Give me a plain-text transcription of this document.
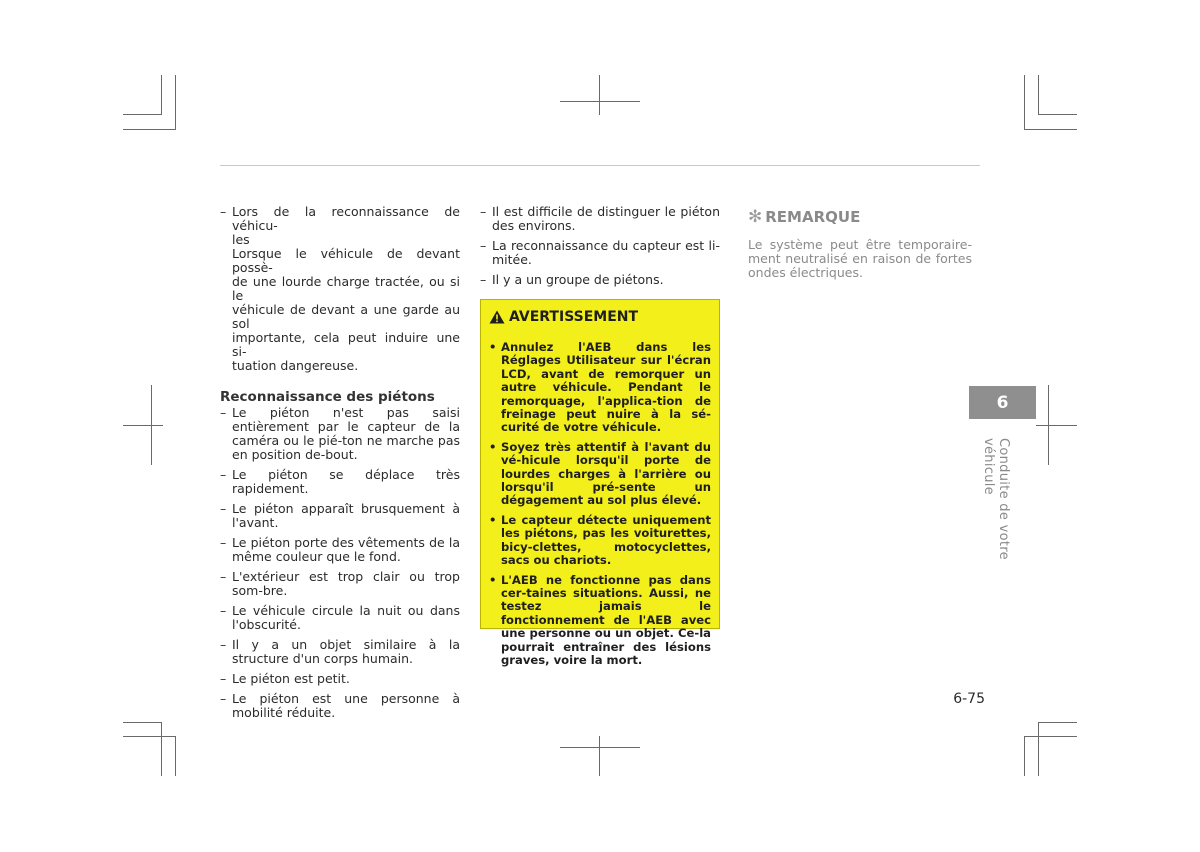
– Lors de la reconnaissance de véhicu-
les
Lorsque le véhicule de devant possè-
de une lourde charge tractée, ou si le
véhicule de devant a une garde au sol
importante, cela peut induire une si-
tuation dangereuse.
Reconnaissance des piétons
– Le piéton n'est pas saisi entièrement par le capteur de la caméra ou le pié-ton ne marche pas en position de-bout.
– Le piéton se déplace très rapidement.
– Le piéton apparaît brusquement à l'avant.
– Le piéton porte des vêtements de la même couleur que le fond.
– L'extérieur est trop clair ou trop som-bre.
– Le véhicule circule la nuit ou dans l'obscurité.
– Il y a un objet similaire à la structure d'un corps humain.
– Le piéton est petit.
– Le piéton est une personne à mobilité réduite.
– Il est difficile de distinguer le piéton des environs.
– La reconnaissance du capteur est li-mitée.
– Il y a un groupe de piétons.
AVERTISSEMENT
• Annulez l'AEB dans les Réglages Utilisateur sur l'écran LCD, avant de remorquer un autre véhicule. Pendant le remorquage, l'applica-tion de freinage peut nuire à la sé-curité de votre véhicule.
• Soyez très attentif à l'avant du vé-hicule lorsqu'il porte de lourdes charges à l'arrière ou lorsqu'il pré-sente un dégagement au sol plus élevé.
• Le capteur détecte uniquement les piétons, pas les voiturettes, bicy-clettes, motocyclettes, sacs ou chariots.
• L'AEB ne fonctionne pas dans cer-taines situations. Aussi, ne testez jamais le fonctionnement de l'AEB avec une personne ou un objet. Ce-la pourrait entraîner des lésions graves, voire la mort.
✻ REMARQUE
Le système peut être temporaire-ment neutralisé en raison de fortes ondes électriques.
6
Conduite de votre véhicule
6-75
